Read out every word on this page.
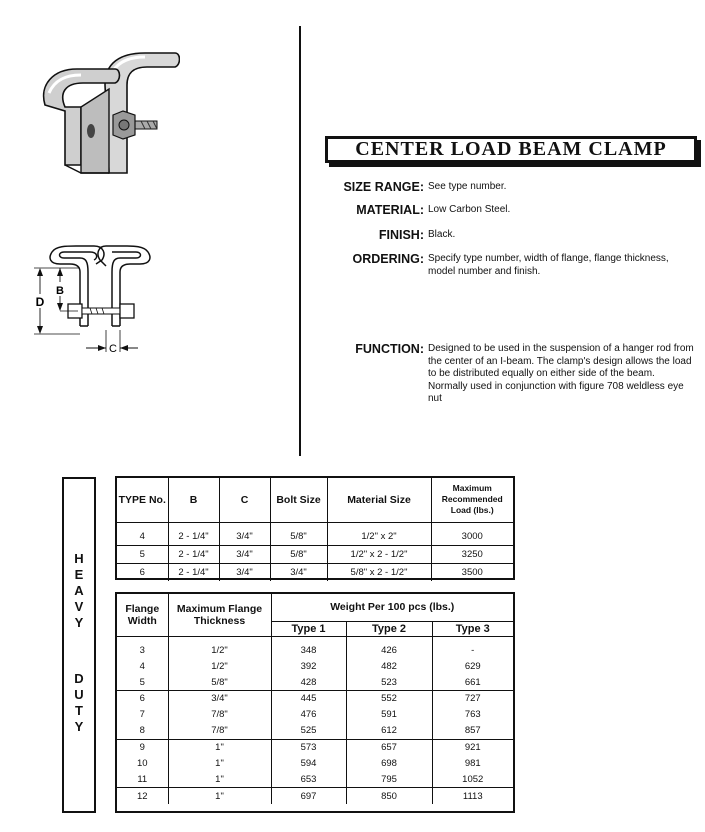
D
B
C
CENTER LOAD BEAM CLAMP
SIZE RANGE: See type number.
MATERIAL: Low Carbon Steel.
FINISH: Black.
ORDERING: Specify type number, width of flange, flange thickness, model number and finish.
FUNCTION: Designed to be used in the suspension of a hanger rod from the center of an I-beam. The clamp's design allows the load to be distributed equally on either side of the beam. Normally used in conjunction with figure 708 weldless eye nut
H
E
A
V
Y
D
U
T
Y
TYPE No.	B	C	Bolt Size	Material Size	Maximum Recommended Load (lbs.)

4	2 - 1/4"	3/4"	5/8"	1/2" x 2"	3000
5	2 - 1/4"	3/4"	5/8"	1/2" x 2 - 1/2"	3250
6	2 - 1/4"	3/4"	3/4"	5/8" x 2 - 1/2"	3500
Flange Width	Maximum Flange Thickness	Weight Per 100 pcs (lbs.)		
		Type 1	Type 2	Type 3

3	1/2"	348	426	-
4	1/2"	392	482	629
5	5/8"	428	523	661
6	3/4"	445	552	727
7	7/8"	476	591	763
8	7/8"	525	612	857
9	1"	573	657	921
10	1"	594	698	981
11	1"	653	795	1052
12	1"	697	850	1113
